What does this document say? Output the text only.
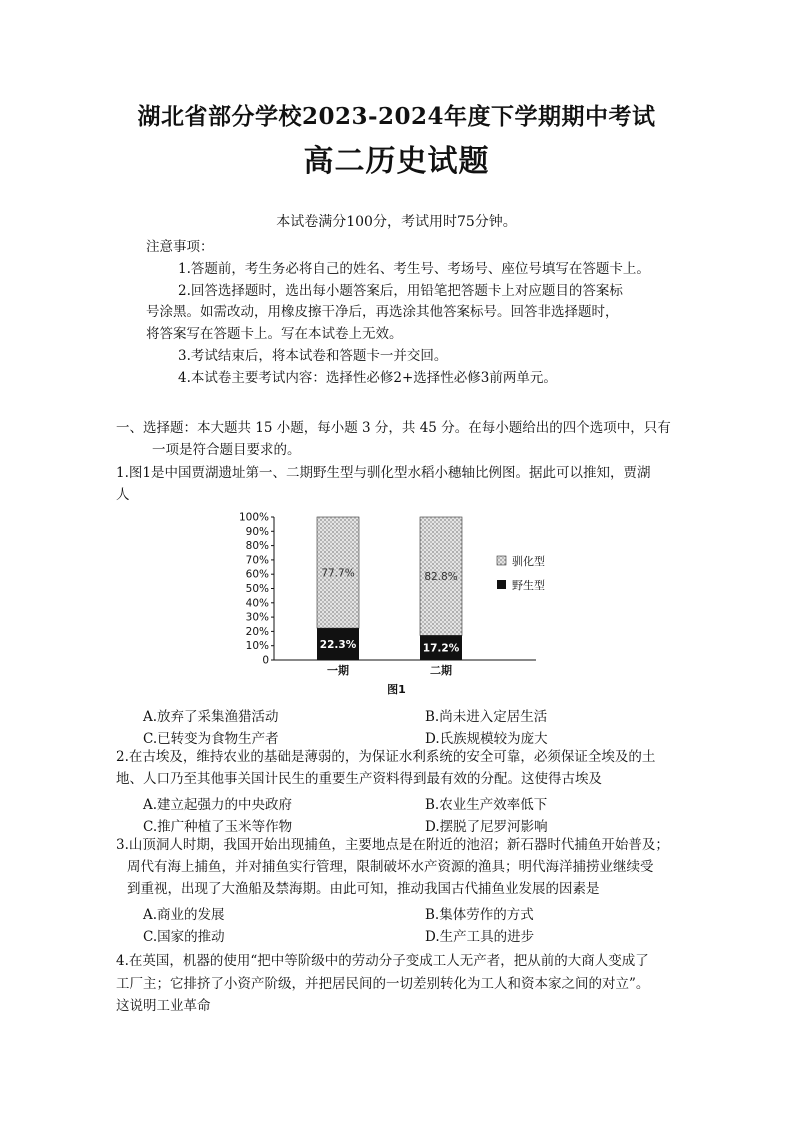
湖北省部分学校2023-2024年度下学期期中考试
高二历史试题
本试卷满分100分，考试用时75分钟。
注意事项：
1.答题前，考生务必将自己的姓名、考生号、考场号、座位号填写在答题卡上。
2.回答选择题时，选出每小题答案后，用铅笔把答题卡上对应题目的答案标
号涂黑。如需改动，用橡皮擦干净后，再选涂其他答案标号。回答非选择题时，
将答案写在答题卡上。写在本试卷上无效。
3.考试结束后，将本试卷和答题卡一并交回。
4.本试卷主要考试内容：选择性必修2+选择性必修3前两单元。
一、选择题：本大题共 15 小题，每小题 3 分，共 45 分。在每小题给出的四个选项中，只有
一项是符合题目要求的。
1.图1是中国贾湖遗址第一、二期野生型与驯化型水稻小穗轴比例图。据此可以推知，贾湖
人
0
10%
20%
30%
40%
50%
60%
70%
80%
90%
100%
77.7%
22.3%
82.8%
17.2%
一期	二期
驯化型
野生型
图1
A.放弃了采集渔猎活动	B.尚未进入定居生活
C.已转变为食物生产者	D.氏族规模较为庞大
2.在古埃及，维持农业的基础是薄弱的，为保证水利系统的安全可靠，必须保证全埃及的土
地、人口乃至其他事关国计民生的重要生产资料得到最有效的分配。这使得古埃及
A.建立起强力的中央政府	B.农业生产效率低下
C.推广种植了玉米等作物	D.摆脱了尼罗河影响
3.山顶洞人时期，我国开始出现捕鱼，主要地点是在附近的池沼；新石器时代捕鱼开始普及；
周代有海上捕鱼，并对捕鱼实行管理，限制破坏水产资源的渔具；明代海洋捕捞业继续受
到重视，出现了大渔船及禁海期。由此可知，推动我国古代捕鱼业发展的因素是
A.商业的发展	B.集体劳作的方式
C.国家的推动	D.生产工具的进步
4.在英国，机器的使用“把中等阶级中的劳动分子变成工人无产者，把从前的大商人变成了
工厂主；它排挤了小资产阶级，并把居民间的一切差别转化为工人和资本家之间的对立”。
这说明工业革命
